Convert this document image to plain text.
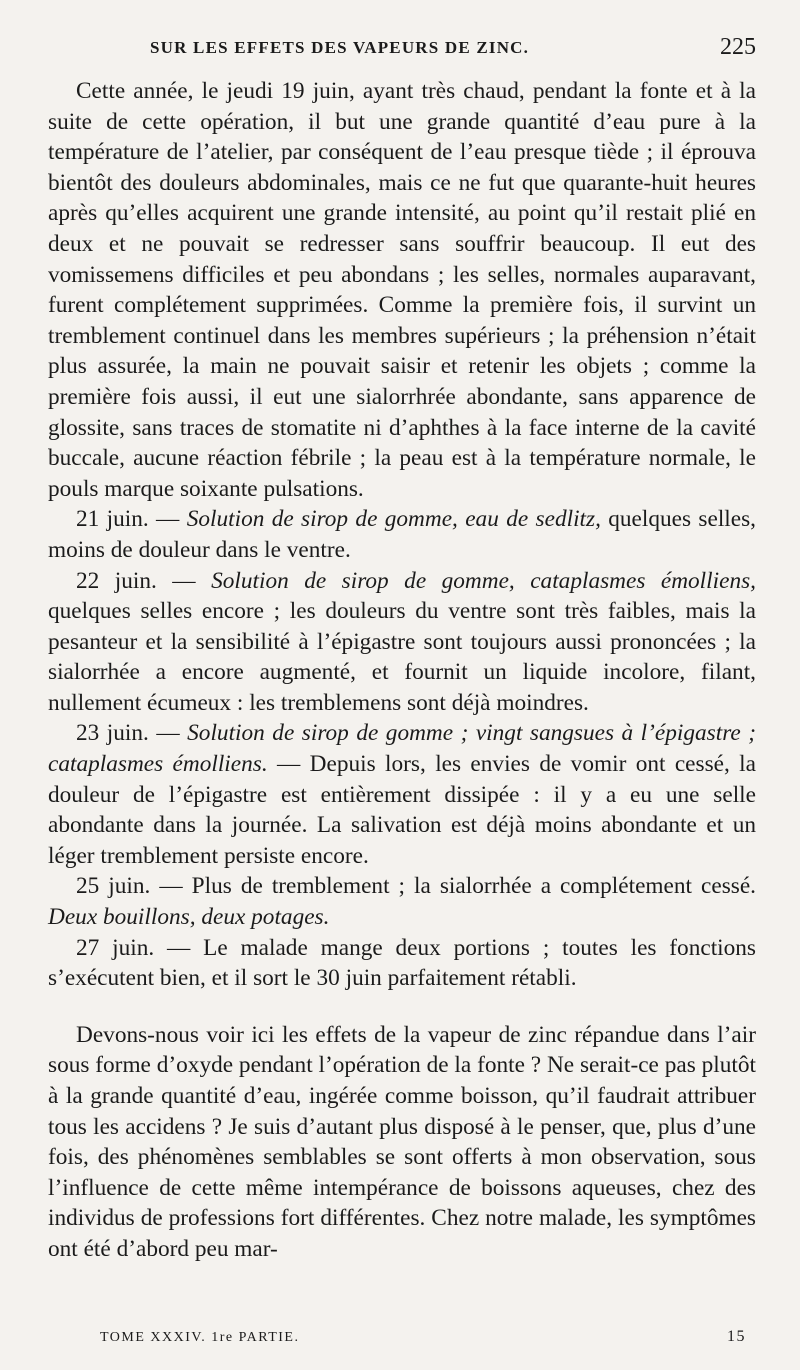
SUR LES EFFETS DES VAPEURS DE ZINC.	225

Cette année, le jeudi 19 juin, ayant très chaud, pendant la fonte et à la suite de cette opération, il but une grande quantité d’eau pure à la température de l’atelier, par conséquent de l’eau presque tiède ; il éprouva bientôt des douleurs abdominales, mais ce ne fut que quarante-huit heures après qu’elles acquirent une grande intensité, au point qu’il restait plié en deux et ne pouvait se redresser sans souffrir beaucoup. Il eut des vomissemens difficiles et peu abondans ; les selles, normales auparavant, furent complétement supprimées. Comme la première fois, il survint un tremblement continuel dans les membres supérieurs ; la préhension n’était plus assurée, la main ne pouvait saisir et retenir les objets ; comme la première fois aussi, il eut une sialorrhrée abondante, sans apparence de glossite, sans traces de stomatite ni d’aphthes à la face interne de la cavité buccale, aucune réaction fébrile ; la peau est à la température normale, le pouls marque soixante pulsations.

21 juin. — Solution de sirop de gomme, eau de sedlitz, quelques selles, moins de douleur dans le ventre.

22 juin. — Solution de sirop de gomme, cataplasmes émolliens, quelques selles encore ; les douleurs du ventre sont très faibles, mais la pesanteur et la sensibilité à l’épigastre sont toujours aussi prononcées ; la sialorrhée a encore augmenté, et fournit un liquide incolore, filant, nullement écumeux : les tremblemens sont déjà moindres.

23 juin. — Solution de sirop de gomme ; vingt sangsues à l’épigastre ; cataplasmes émolliens. — Depuis lors, les envies de vomir ont cessé, la douleur de l’épigastre est entièrement dissipée : il y a eu une selle abondante dans la journée. La salivation est déjà moins abondante et un léger tremblement persiste encore.

25 juin. — Plus de tremblement ; la sialorrhée a complétement cessé. Deux bouillons, deux potages.

27 juin. — Le malade mange deux portions ; toutes les fonctions s’exécutent bien, et il sort le 30 juin parfaitement rétabli.

Devons-nous voir ici les effets de la vapeur de zinc répandue dans l’air sous forme d’oxyde pendant l’opération de la fonte ? Ne serait-ce pas plutôt à la grande quantité d’eau, ingérée comme boisson, qu’il faudrait attribuer tous les accidens ? Je suis d’autant plus disposé à le penser, que, plus d’une fois, des phénomènes semblables se sont offerts à mon observation, sous l’influence de cette même intempérance de boissons aqueuses, chez des individus de professions fort différentes. Chez notre malade, les symptômes ont été d’abord peu mar-

TOME XXXIV. 1re PARTIE.	15
